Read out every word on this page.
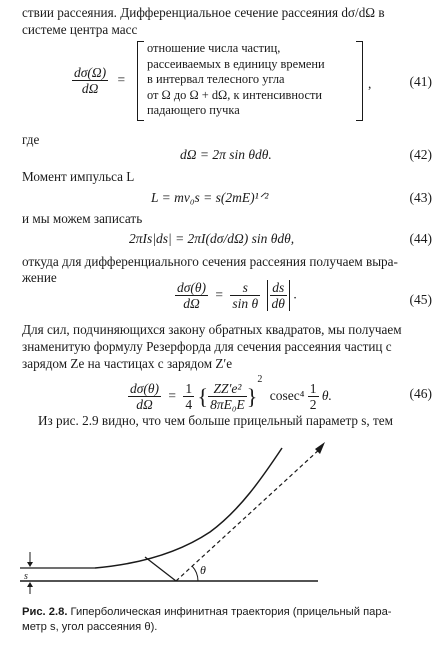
ствии рассеяния. Дифференциальное сечение рассеяния dσ/dΩ в
системе центра масс
$\frac{d\sigma(\Omega)}{d\Omega}$ =
отношение числа частиц,
рассеиваемых в единицу времени
в интервал телесного угла
от Ω до Ω + dΩ, к интенсивности
падающего пучка
,	(41)
где
dΩ = 2π sin θdθ.	(42)
Момент импульса L
L = mv₀s = s(2mE)¹ᐟ²	(43)
и мы можем записать
2πIs|ds| = 2πI(dσ/dΩ) sin θdθ,	(44)
откуда для дифференциального сечения рассеяния получаем выра-
жение
$\frac{d\sigma(\theta)}{d\Omega} = \frac{s}{\text{sin θ}}$
$\frac{ds}{d\theta}$ .	(45)
Для сил, подчиняющихся закону обратных квадратов, мы получаем
знаменитую формулу Резерфорда для сечения рассеяния частиц с
зарядом Ze на частицах с зарядом Z′e
$\frac{d\sigma(\theta)}{d\Omega} = \frac{1}{4}$ { $\frac{\text{ZZ′e²}}{\text{8πE₀E}} \}^2$ $cosec^4 \frac{1}{2} \theta$.	(46)
Из рис. 2.9 видно, что чем больше прицельный параметр s, тем
θ
s
Рис. 2.8. Гиперболическая инфинитная траектория (прицельный пара-
метр s, угол рассеяния θ).
